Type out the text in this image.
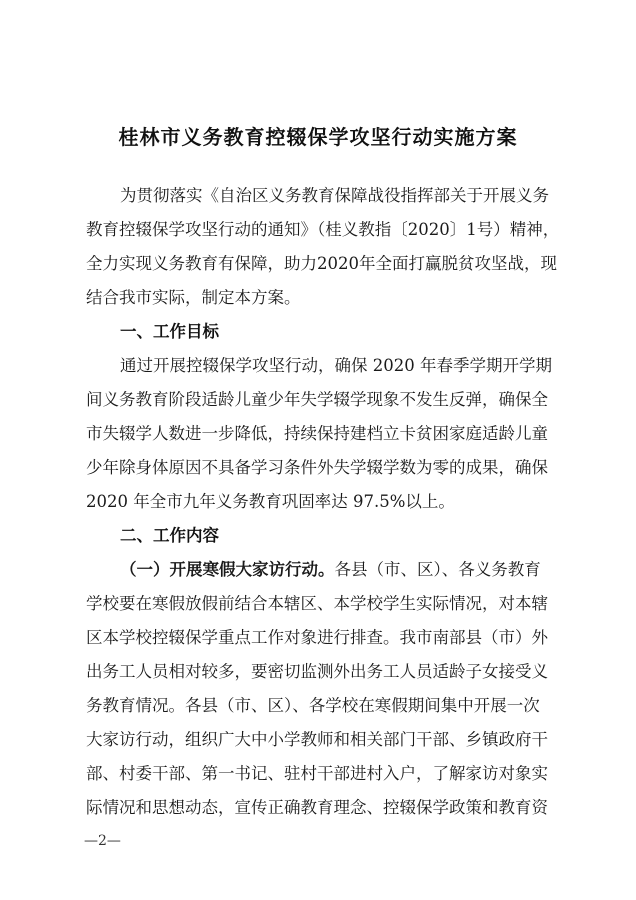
桂林市义务教育控辍保学攻坚行动实施方案
为贯彻落实《自治区义务教育保障战役指挥部关于开展义务
教育控辍保学攻坚行动的通知》（桂义教指〔2020〕1号）精神，
全力实现义务教育有保障，助力2020年全面打赢脱贫攻坚战，现
结合我市实际，制定本方案。
一、工作目标
通过开展控辍保学攻坚行动，确保 2020 年春季学期开学期
间义务教育阶段适龄儿童少年失学辍学现象不发生反弹，确保全
市失辍学人数进一步降低，持续保持建档立卡贫困家庭适龄儿童
少年除身体原因不具备学习条件外失学辍学数为零的成果，确保
2020 年全市九年义务教育巩固率达 97.5%以上。
二、工作内容
（一）开展寒假大家访行动。各县（市、区）、各义务教育
学校要在寒假放假前结合本辖区、本学校学生实际情况，对本辖
区本学校控辍保学重点工作对象进行排查。我市南部县（市）外
出务工人员相对较多，要密切监测外出务工人员适龄子女接受义
务教育情况。各县（市、区）、各学校在寒假期间集中开展一次
大家访行动，组织广大中小学教师和相关部门干部、乡镇政府干
部、村委干部、第一书记、驻村干部进村入户，了解家访对象实
际情况和思想动态，宣传正确教育理念、控辍保学政策和教育资
—2—
